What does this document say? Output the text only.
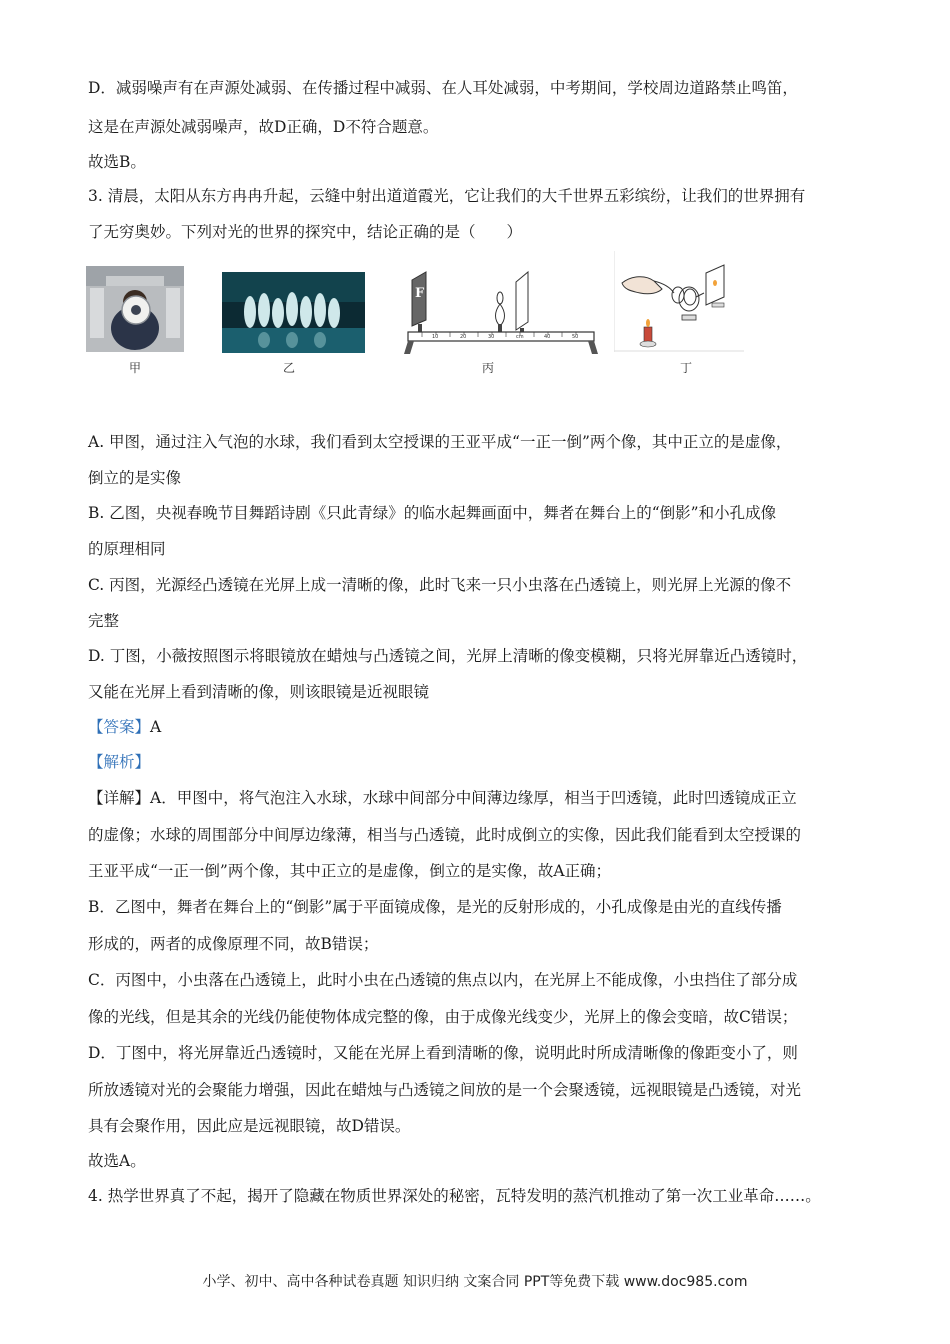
D．减弱噪声有在声源处减弱、在传播过程中减弱、在人耳处减弱，中考期间，学校周边道路禁止鸣笛，
这是在声源处减弱噪声，故D正确，D不符合题意。
故选B。
3. 清晨，太阳从东方冉冉升起，云缝中射出道道霞光，它让我们的大千世界五彩缤纷，让我们的世界拥有
了无穷奥妙。下列对光的世界的探究中，结论正确的是（　　）
甲	乙
F
10	20	30	cm	40	50
丙	丁
A. 甲图，通过注入气泡的水球，我们看到太空授课的王亚平成“一正一倒”两个像，其中正立的是虚像，
倒立的是实像
B. 乙图，央视春晚节目舞蹈诗剧《只此青绿》的临水起舞画面中，舞者在舞台上的“倒影”和小孔成像
的原理相同
C. 丙图，光源经凸透镜在光屏上成一清晰的像，此时飞来一只小虫落在凸透镜上，则光屏上光源的像不
完整
D. 丁图，小薇按照图示将眼镜放在蜡烛与凸透镜之间，光屏上清晰的像变模糊，只将光屏靠近凸透镜时，
又能在光屏上看到清晰的像，则该眼镜是近视眼镜
【答案】A
【解析】
【详解】A．甲图中，将气泡注入水球，水球中间部分中间薄边缘厚，相当于凹透镜，此时凹透镜成正立
的虚像；水球的周围部分中间厚边缘薄，相当与凸透镜，此时成倒立的实像，因此我们能看到太空授课的
王亚平成“一正一倒”两个像，其中正立的是虚像，倒立的是实像，故A正确；
B．乙图中，舞者在舞台上的“倒影”属于平面镜成像，是光的反射形成的，小孔成像是由光的直线传播
形成的，两者的成像原理不同，故B错误；
C．丙图中，小虫落在凸透镜上，此时小虫在凸透镜的焦点以内，在光屏上不能成像，小虫挡住了部分成
像的光线，但是其余的光线仍能使物体成完整的像，由于成像光线变少，光屏上的像会变暗，故C错误；
D．丁图中，将光屏靠近凸透镜时，又能在光屏上看到清晰的像，说明此时所成清晰像的像距变小了，则
所放透镜对光的会聚能力增强，因此在蜡烛与凸透镜之间放的是一个会聚透镜，远视眼镜是凸透镜，对光
具有会聚作用，因此应是远视眼镜，故D错误。
故选A。
4. 热学世界真了不起，揭开了隐藏在物质世界深处的秘密，瓦特发明的蒸汽机推动了第一次工业革命……。
小学、初中、高中各种试卷真题 知识归纳 文案合同 PPT等免费下载 www.doc985.com
